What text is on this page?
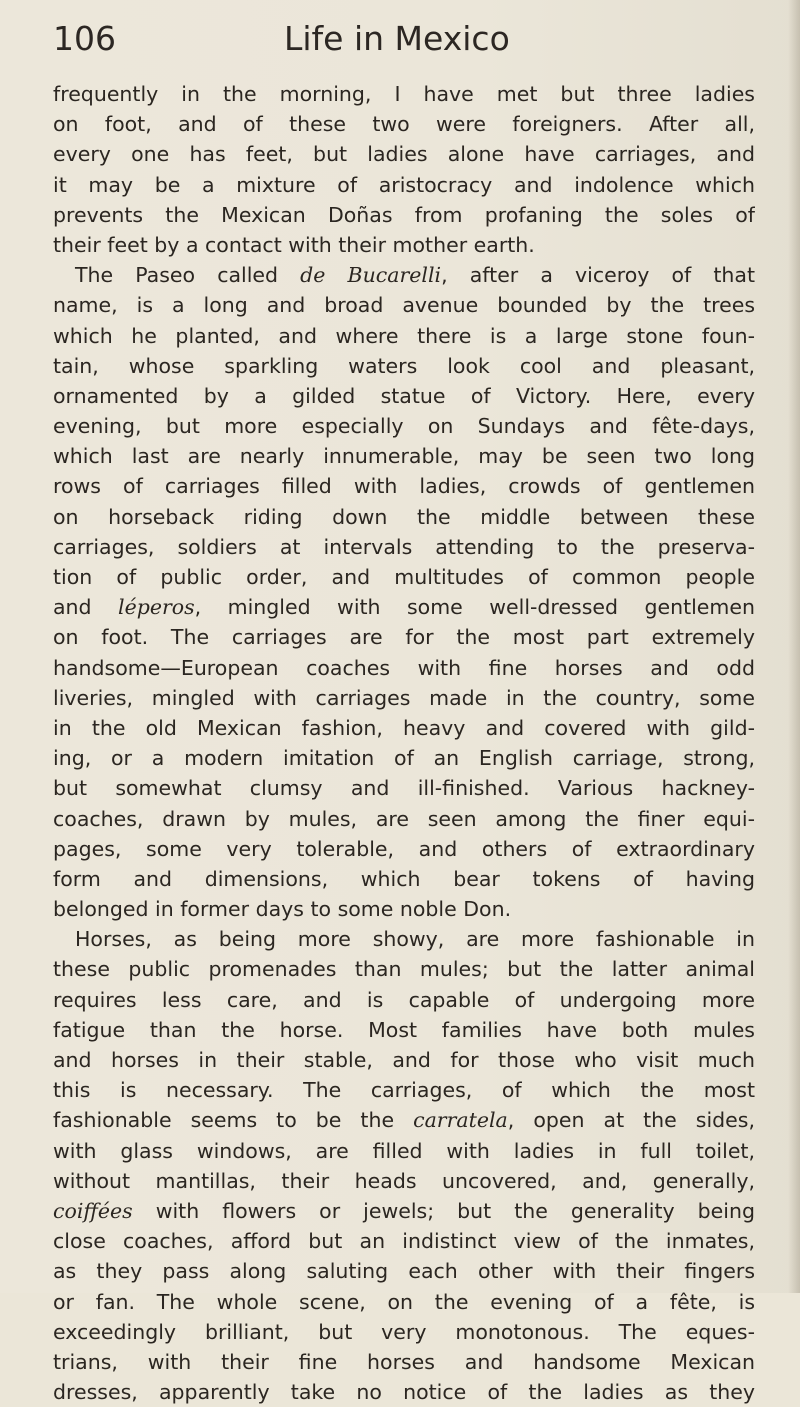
106	Life in Mexico
frequently in the morning, I have met but three ladies
on foot, and of these two were foreigners. After all,
every one has feet, but ladies alone have carriages, and
it may be a mixture of aristocracy and indolence which
prevents the Mexican Doñas from profaning the soles of
their feet by a contact with their mother earth.
The Paseo called de Bucarelli, after a viceroy of that
name, is a long and broad avenue bounded by the trees
which he planted, and where there is a large stone foun-
tain, whose sparkling waters look cool and pleasant,
ornamented by a gilded statue of Victory. Here, every
evening, but more especially on Sundays and fête-days,
which last are nearly innumerable, may be seen two long
rows of carriages filled with ladies, crowds of gentlemen
on horseback riding down the middle between these
carriages, soldiers at intervals attending to the preserva-
tion of public order, and multitudes of common people
and léperos, mingled with some well-dressed gentlemen
on foot. The carriages are for the most part extremely
handsome—European coaches with fine horses and odd
liveries, mingled with carriages made in the country, some
in the old Mexican fashion, heavy and covered with gild-
ing, or a modern imitation of an English carriage, strong,
but somewhat clumsy and ill-finished. Various hackney-
coaches, drawn by mules, are seen among the finer equi-
pages, some very tolerable, and others of extraordinary
form and dimensions, which bear tokens of having
belonged in former days to some noble Don.
Horses, as being more showy, are more fashionable in
these public promenades than mules; but the latter animal
requires less care, and is capable of undergoing more
fatigue than the horse. Most families have both mules
and horses in their stable, and for those who visit much
this is necessary. The carriages, of which the most
fashionable seems to be the carratela, open at the sides,
with glass windows, are filled with ladies in full toilet,
without mantillas, their heads uncovered, and, generally,
coiffées with flowers or jewels; but the generality being
close coaches, afford but an indistinct view of the inmates,
as they pass along saluting each other with their fingers
or fan. The whole scene, on the evening of a fête, is
exceedingly brilliant, but very monotonous. The eques-
trians, with their fine horses and handsome Mexican
dresses, apparently take no notice of the ladies as they
